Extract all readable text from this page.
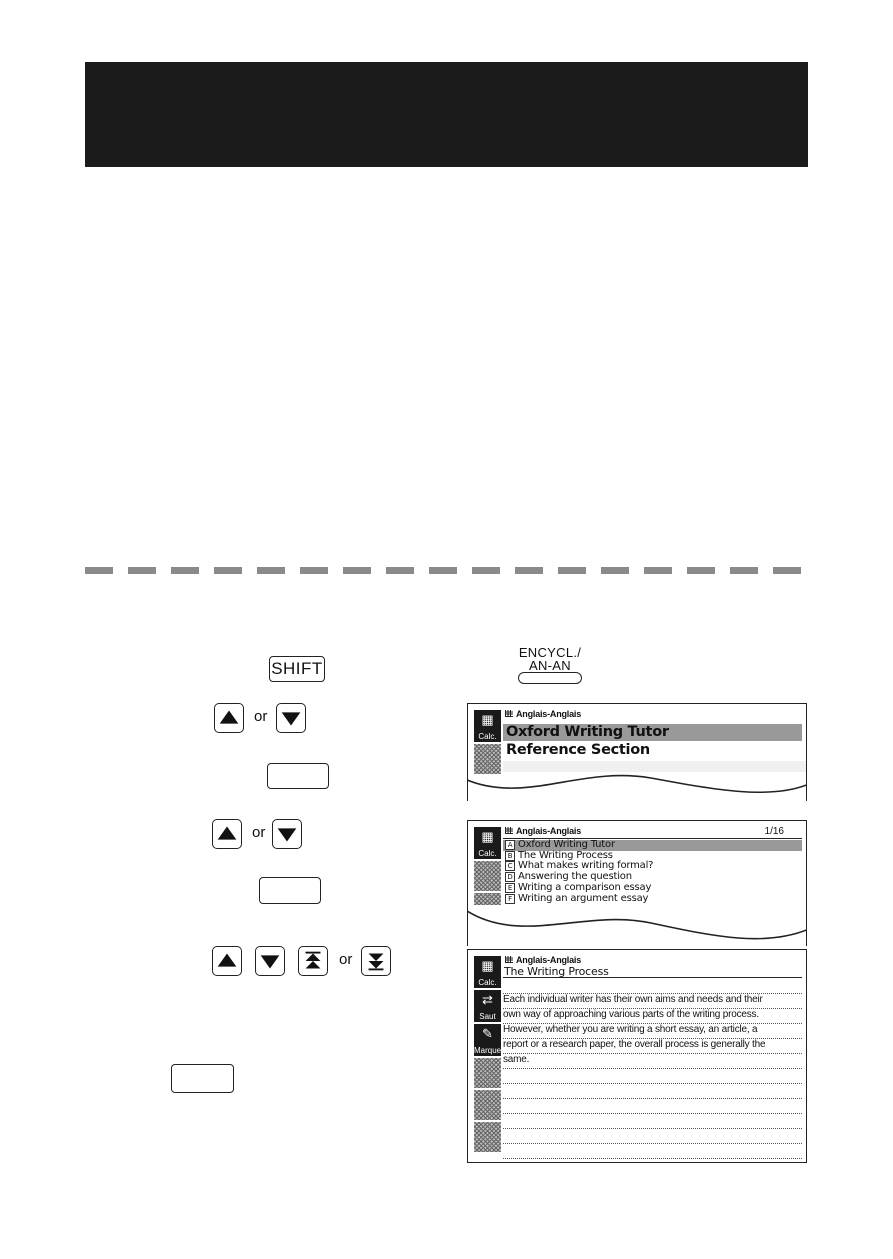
SHIFT
ENCYCL./
AN-AN
or
or
or
▦
Calc.
Anglais-Anglais
Oxford Writing Tutor
Reference Section
▦
Calc.
Anglais-Anglais	1/16
A Oxford Writing Tutor
B The Writing Process
C What makes writing formal?
D Answering the question
E Writing a comparison essay
F Writing an argument essay
▦
Calc.
⇄
Saut
✎
Marquer
Anglais-Anglais
The Writing Process
Each individual writer has their own aims and needs and their
own way of approaching various parts of the writing process.
However, whether you are writing a short essay, an article, a
report or a research paper, the overall process is generally the
same.
